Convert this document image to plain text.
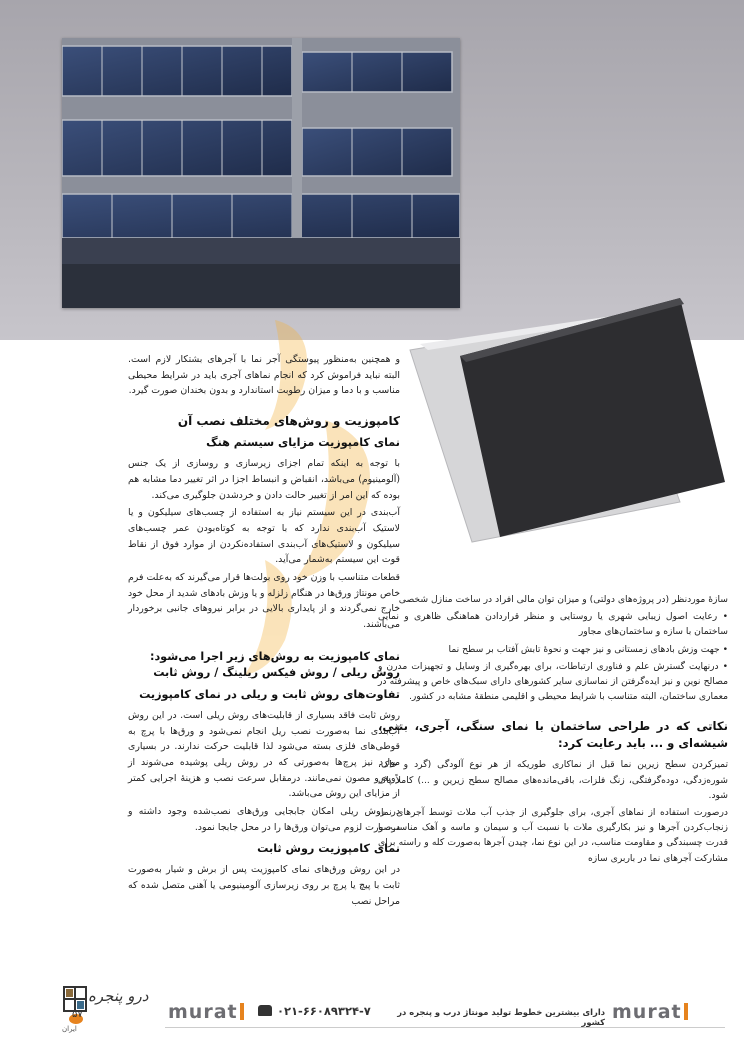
و همچنین به‌منظور پیوستگی آجر نما با آجرهای بشتکار لازم است. البته نباید فراموش کرد که انجام نماهای آجری باید در شرایط محیطی مناسب و با دما و میزان رطوبت استاندارد و بدون بخندان صورت گیرد.
کامپوزیت و روش‌های مختلف نصب آن
نمای کامپوزیت مزایای سیستم هنگ
با توجه به اینکه تمام اجزای زیرسازی و روسازی از یک جنس (آلومینیوم) می‌باشد، انقباض و انبساط اجزا در اثر تغییر دما مشابه هم بوده که این امر از تغییر حالت دادن و خردشدن جلوگیری می‌کند.
آب‌بندی در این سیستم نیاز به استفاده از چسب‌های سیلیکون و یا لاستیک آب‌بندی ندارد که با توجه به کوتاه‌بودن عمر چسب‌های سیلیکون و لاستیک‌های آب‌بندی استفاده‌نکردن از موارد فوق از نقاط قوت این سیستم به‌شمار می‌آید.
قطعات متناسب با وزن خود روی بولت‌ها قرار می‌گیرند که به‌علت فرم خاص مونتاژ ورق‌ها در هنگام زلزله و یا وزش بادهای شدید از محل خود خارج نمی‌گردند و از پایداری بالایی در برابر نیروهای جانبی برخوردار می‌باشند.
نمای کامپوزیت به روش‌های زیر اجرا می‌شود:
روش ریلی / روش فیکس ریلینگ / روش ثابت
تفاوت‌های روش ثابت و ریلی در نمای کامپوزیت
روش ثابت فاقد بسیاری از قابلیت‌های روش ریلی است. در این روش آب‌بندی نما به‌صورت نصب ریل انجام نمی‌شود و ورق‌ها با پرچ به قوطی‌های فلزی بسته می‌شود لذا قابلیت حرکت ندارند. در بسیاری موارد نیز پرچ‌ها به‌صورتی که در روش ریلی پوشیده می‌شوند از روبه‌رو مصون نمی‌مانند. درمقابل سرعت نصب و هزینهٔ اجرایی کمتر از مزایای این روش می‌باشد.
در روش ریلی امکان جابجایی ورق‌های نصب‌شده وجود داشته و درصورت لزوم می‌توان ورق‌ها را در محل جابجا نمود.
نمای کامپوزیت روش ثابت
در این روش ورق‌های نمای کامپوزیت پس از برش و شیار به‌صورت ثابت با پیچ یا پرچ بر روی زیرسازی آلومینیومی یا آهنی متصل شده که مراحل نصب
سازهٔ موردنظر (در پروژه‌های دولتی) و میزان توان مالی افراد در ساخت منازل شخصی
• رعایت اصول زیبایی شهری یا روستایی و منظر قراردادن هماهنگی ظاهری و نمایی ساختمان با سازه و ساختمان‌های مجاور
• جهت وزش بادهای زمستانی و نیز جهت و نحوهٔ تابش آفتاب بر سطح نما
• درنهایت گسترش علم و فناوری ارتباطات، برای بهره‌گیری از وسایل و تجهیزات مدرن و مصالح نوین و نیز ایده‌گرفتن از نماسازی سایر کشورهای دارای سبک‌های خاص و پیشرفته در معماری ساختمان، البته متناسب با شرایط محیطی و اقلیمی منطقهٔ مشابه در کشور.
نکاتی که در طراحی ساختمان با نمای سنگی، آجری، بتنی، شیشه‌ای و ... باید رعایت کرد:
تمیزکردن سطح زیرین نما قبل از نماکاری طوریکه از هر نوع آلودگی (گرد و خاک، شوره‌زدگی، دوده‌گرفتگی، زنگ فلزات، باقی‌مانده‌های مصالح سطح زیرین و ...) کاملاً پاک شود.
درصورت استفاده از نماهای آجری، برای جلوگیری از جذب آب ملات توسط آجرهای نما، زنجاب‌کردن آجرها و نیز بکارگیری ملات با نسبت آب و سیمان و ماسه و آهک مناسب، با قدرت چسبندگی و مقاومت مناسب، در این نوع نما، چیدن آجرها به‌صورت کله و راسته برای مشارکت آجرهای نما در باربری سازه
ایران
درو پنجره
۵۷	murat	۰۲۱-۶۶۰۸۹۳۲۴-۷	دارای بیشترین خطوط تولید مونتاژ درب و پنجره در کشور murat
